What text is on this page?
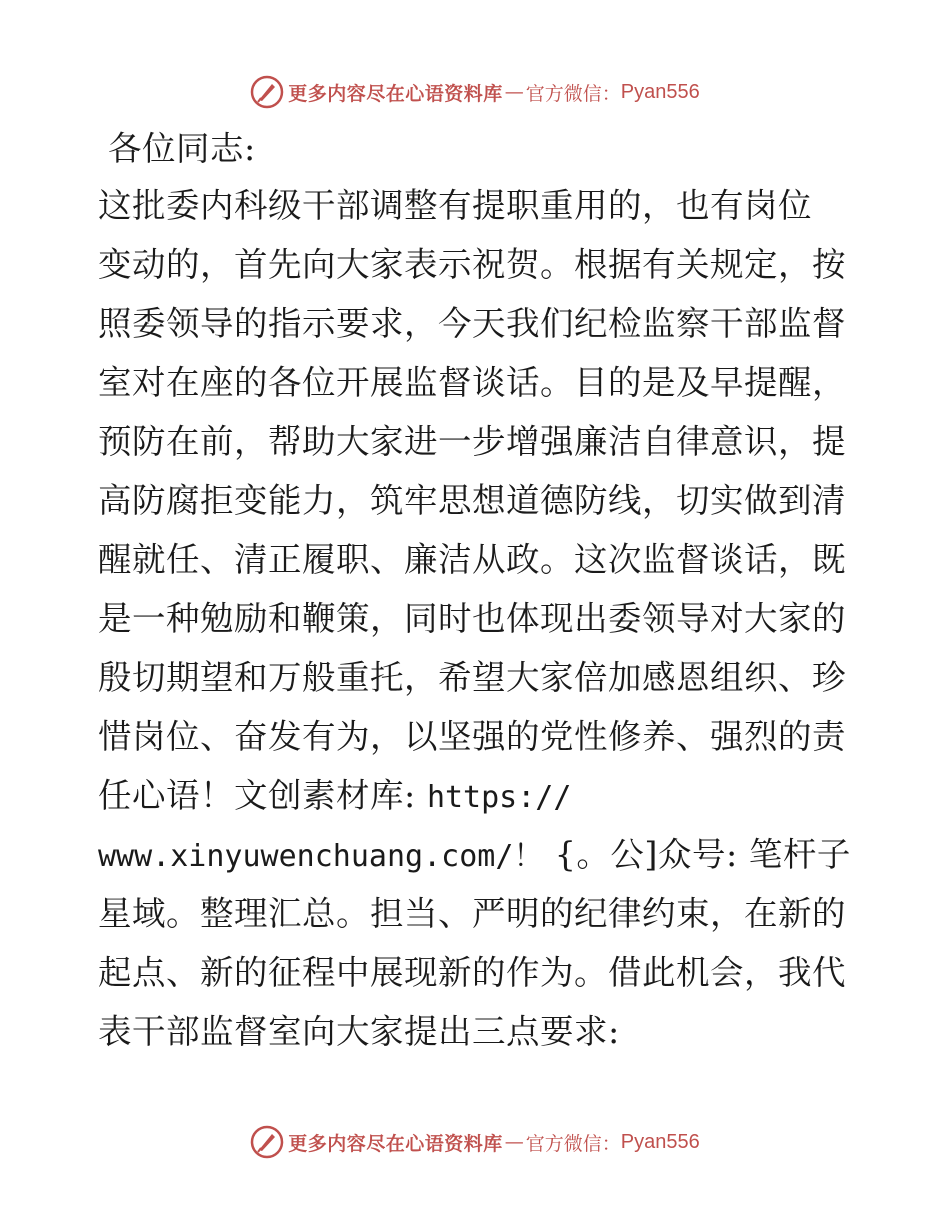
更多内容尽在心语资料库 — 官方微信： Pyan556
各位同志:
这批委内科级干部调整有提职重用的，也有岗位
变动的，首先向大家表示祝贺。根据有关规定，按
照委领导的指示要求，今天我们纪检监察干部监督
室对在座的各位开展监督谈话。目的是及早提醒，
预防在前，帮助大家进一步增强廉洁自律意识，提
高防腐拒变能力，筑牢思想道德防线，切实做到清
醒就任、清正履职、廉洁从政。这次监督谈话，既
是一种勉励和鞭策，同时也体现出委领导对大家的
殷切期望和万般重托，希望大家倍加感恩组织、珍
惜岗位、奋发有为，以坚强的党性修养、强烈的责
任心语！文创素材库: https://
www.xinyuwenchuang.com/！ {。公]众号: 笔杆子
星域。整理汇总。担当、严明的纪律约束，在新的
起点、新的征程中展现新的作为。借此机会，我代
表干部监督室向大家提出三点要求:
更多内容尽在心语资料库 — 官方微信： Pyan556
